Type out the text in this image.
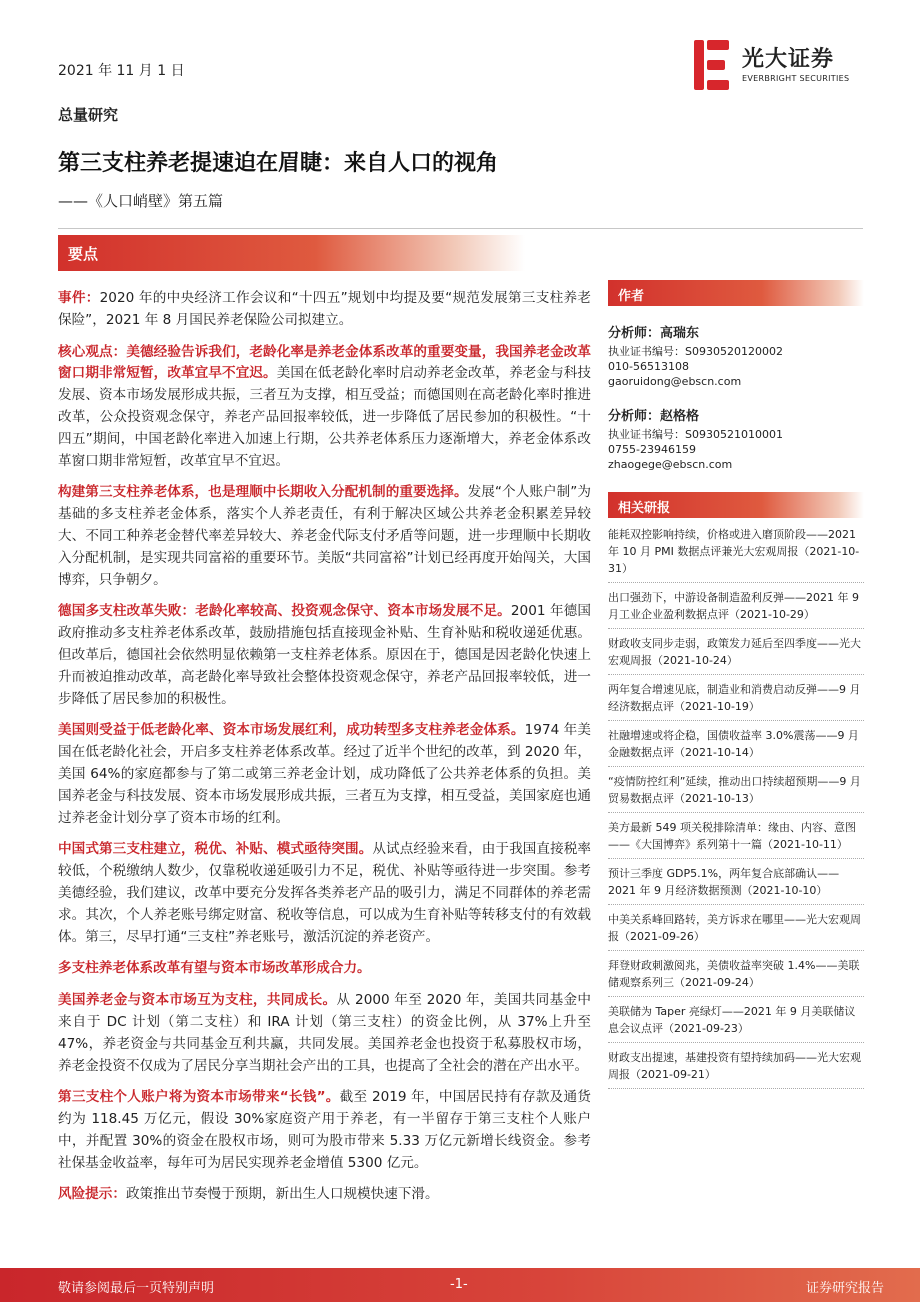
2021 年 11 月 1 日	光大证券
EVERBRIGHT SECURITIES
总量研究
第三支柱养老提速迫在眉睫：来自人口的视角
——《人口峭壁》第五篇
要点

事件：2020 年的中央经济工作会议和“十四五”规划中均提及要“规范发展第三支柱养老保险”，2021 年 8 月国民养老保险公司拟建立。

核心观点：美德经验告诉我们，老龄化率是养老金体系改革的重要变量，我国养老金改革窗口期非常短暂，改革宜早不宜迟。美国在低老龄化率时启动养老金改革，养老金与科技发展、资本市场发展形成共振，三者互为支撑，相互受益；而德国则在高老龄化率时推进改革，公众投资观念保守，养老产品回报率较低，进一步降低了居民参加的积极性。“十四五”期间，中国老龄化率进入加速上行期，公共养老体系压力逐渐增大，养老金体系改革窗口期非常短暂，改革宜早不宜迟。

构建第三支柱养老体系，也是理顺中长期收入分配机制的重要选择。发展“个人账户制”为基础的多支柱养老金体系，落实个人养老责任，有利于解决区域公共养老金积累差异较大、不同工种养老金替代率差异较大、养老金代际支付矛盾等问题，进一步理顺中长期收入分配机制，是实现共同富裕的重要环节。美版“共同富裕”计划已经再度开始闯关，大国博弈，只争朝夕。

德国多支柱改革失败：老龄化率较高、投资观念保守、资本市场发展不足。2001 年德国政府推动多支柱养老体系改革，鼓励措施包括直接现金补贴、生育补贴和税收递延优惠。但改革后，德国社会依然明显依赖第一支柱养老体系。原因在于，德国是因老龄化快速上升而被迫推动改革，高老龄化率导致社会整体投资观念保守，养老产品回报率较低，进一步降低了居民参加的积极性。

美国则受益于低老龄化率、资本市场发展红利，成功转型多支柱养老金体系。1974 年美国在低老龄化社会，开启多支柱养老体系改革。经过了近半个世纪的改革，到 2020 年，美国 64%的家庭都参与了第二或第三养老金计划，成功降低了公共养老体系的负担。美国养老金与科技发展、资本市场发展形成共振，三者互为支撑，相互受益，美国家庭也通过养老金计划分享了资本市场的红利。

中国式第三支柱建立，税优、补贴、模式亟待突围。从试点经验来看，由于我国直接税率较低，个税缴纳人数少，仅靠税收递延吸引力不足，税优、补贴等亟待进一步突围。参考美德经验，我们建议，改革中要充分发挥各类养老产品的吸引力，满足不同群体的养老需求。其次，个人养老账号绑定财富、税收等信息，可以成为生育补贴等转移支付的有效载体。第三，尽早打通“三支柱”养老账号，激活沉淀的养老资产。

多支柱养老体系改革有望与资本市场改革形成合力。

美国养老金与资本市场互为支柱，共同成长。从 2000 年至 2020 年，美国共同基金中来自于 DC 计划（第二支柱）和 IRA 计划（第三支柱）的资金比例，从 37%上升至 47%，养老资金与共同基金互利共赢，共同发展。美国养老金也投资于私募股权市场，养老金投资不仅成为了居民分享当期社会产出的工具，也提高了全社会的潜在产出水平。

第三支柱个人账户将为资本市场带来“长钱”。截至 2019 年，中国居民持有存款及通货约为 118.45 万亿元，假设 30%家庭资产用于养老，有一半留存于第三支柱个人账户中，并配置 30%的资金在股权市场，则可为股市带来 5.33 万亿元新增长线资金。参考社保基金收益率，每年可为居民实现养老金增值 5300 亿元。

风险提示：政策推出节奏慢于预期，新出生人口规模快速下滑。

作者
分析师：高瑞东
执业证书编号：S0930520120002
010-56513108
gaoruidong@ebscn.com
分析师：赵格格
执业证书编号：S0930521010001
0755-23946159
zhaogege@ebscn.com
相关研报
能耗双控影响持续，价格或进入磨顶阶段——2021 年 10 月 PMI 数据点评兼光大宏观周报（2021-10-31）
出口强劲下，中游设备制造盈利反弹——2021 年 9 月工业企业盈利数据点评（2021-10-29）
财政收支同步走弱，政策发力延后至四季度——光大宏观周报（2021-10-24）
两年复合增速见底，制造业和消费启动反弹——9 月经济数据点评（2021-10-19）
社融增速或将企稳，国债收益率 3.0%震荡——9 月金融数据点评（2021-10-14）
“疫情防控红利”延续，推动出口持续超预期——9 月贸易数据点评（2021-10-13）
美方最新 549 项关税排除清单：缘由、内容、意图——《大国博弈》系列第十一篇（2021-10-11）
预计三季度 GDP5.1%，两年复合底部确认——2021 年 9 月经济数据预测（2021-10-10）
中美关系峰回路转，美方诉求在哪里——光大宏观周报（2021-09-26）
拜登财政刺激阅兆，美债收益率突破 1.4%——美联储观察系列三（2021-09-24）
美联储为 Taper 亮绿灯——2021 年 9 月美联储议息会议点评（2021-09-23）
财政支出提速，基建投资有望持续加码——光大宏观周报（2021-09-21）
敬请参阅最后一页特别声明	-1-	证券研究报告
